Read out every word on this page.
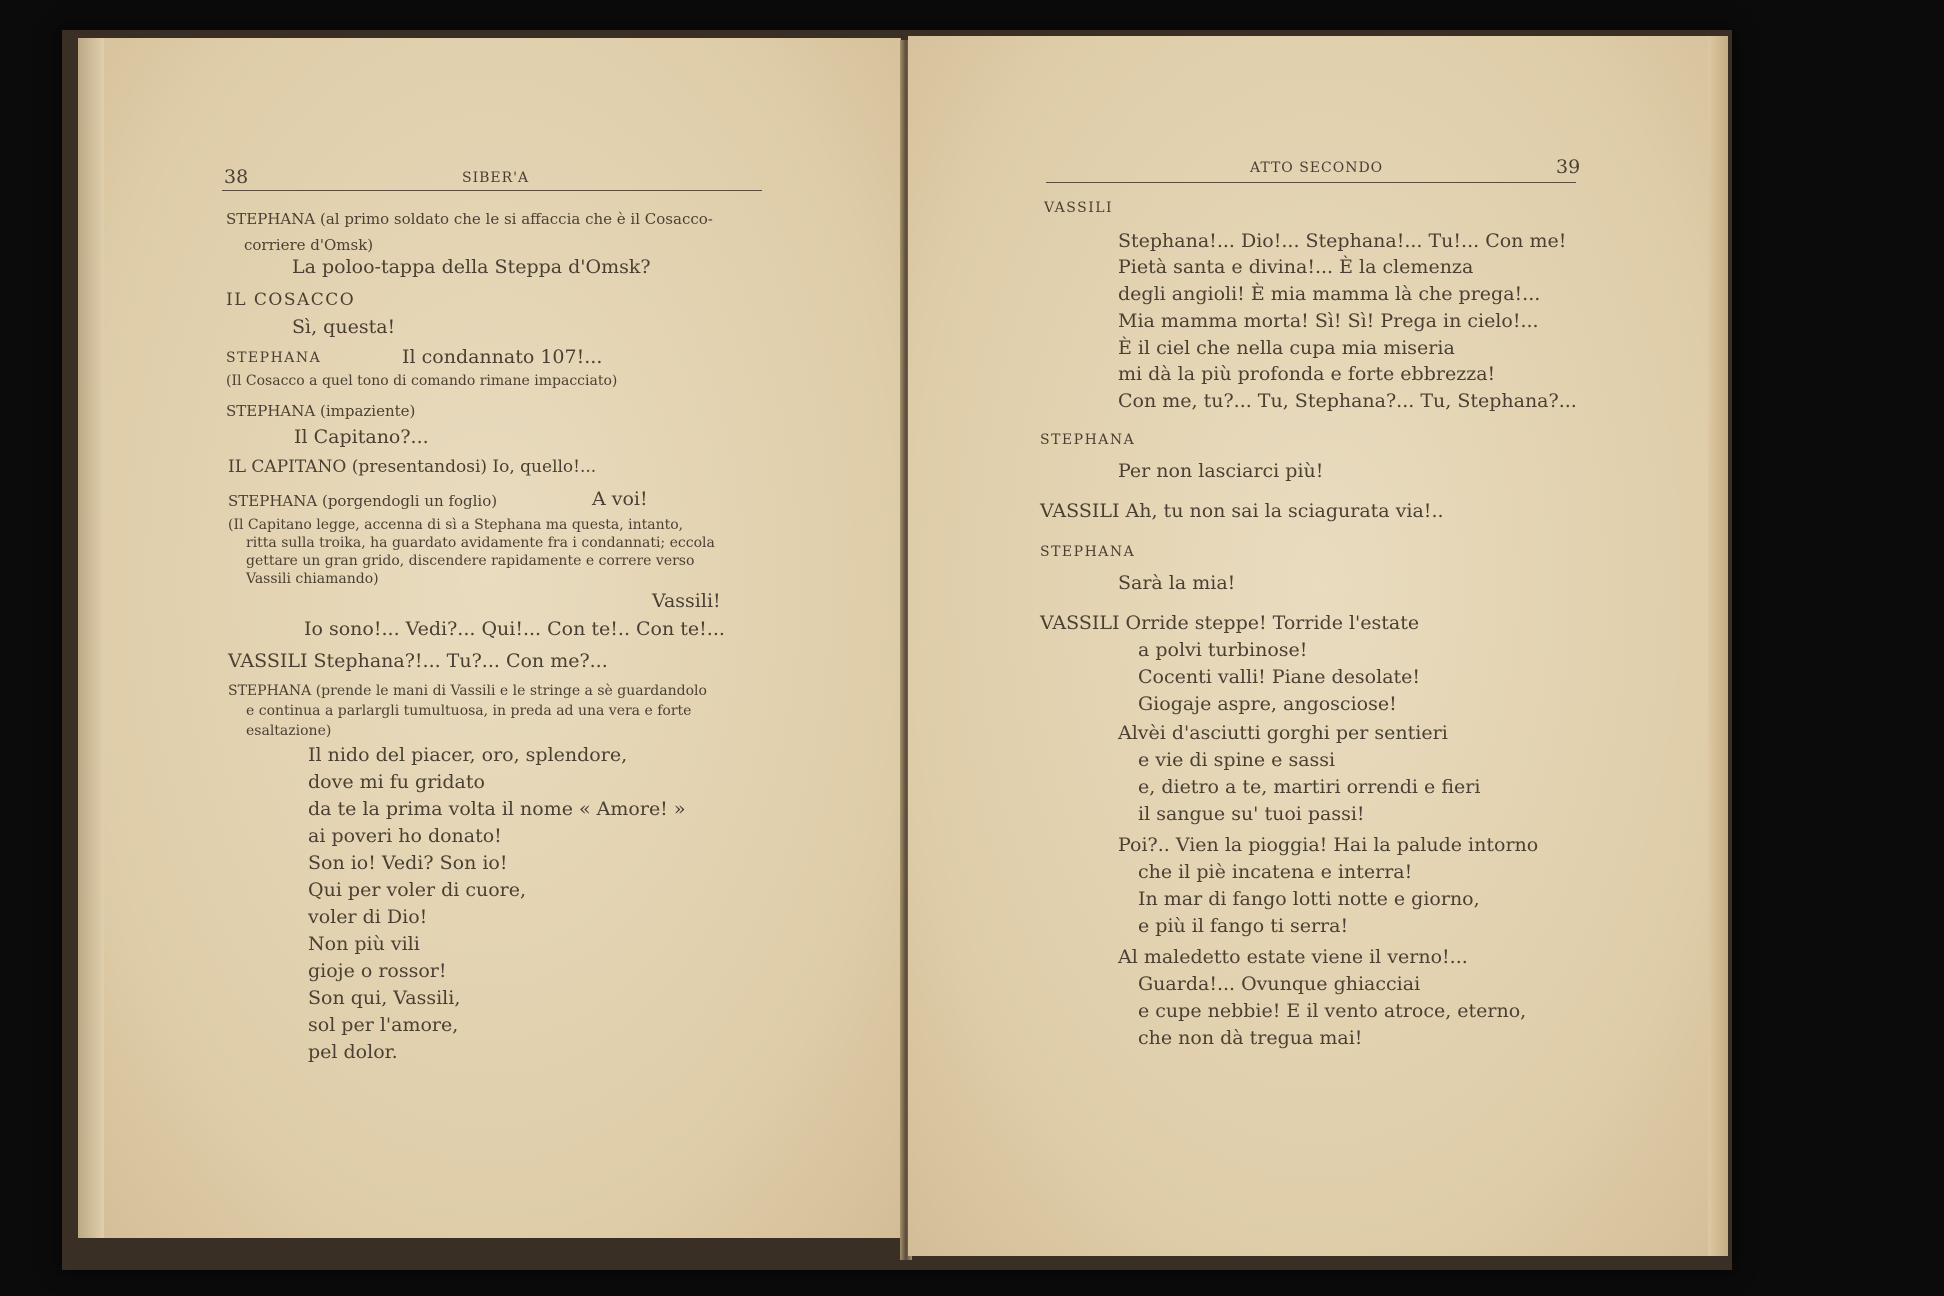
38	SIBER'A
STEPHANA (al primo soldato che le si affaccia che è il Cosacco-
corriere d'Omsk)
La poloo-tappa della Steppa d'Omsk?
IL COSACCO
Sì, questa!
STEPHANA	Il condannato 107!...
(Il Cosacco a quel tono di comando rimane impacciato)
STEPHANA (impaziente)
Il Capitano?...
IL CAPITANO (presentandosi) Io, quello!...
STEPHANA (porgendogli un foglio)	A voi!
(Il Capitano legge, accenna di sì a Stephana ma questa, intanto,
ritta sulla troika, ha guardato avidamente fra i condannati; eccola
gettare un gran grido, discendere rapidamente e correre verso
Vassili chiamando)
Vassili!
Io sono!... Vedi?... Qui!... Con te!.. Con te!...
VASSILI Stephana?!... Tu?... Con me?...
STEPHANA (prende le mani di Vassili e le stringe a sè guardandolo
e continua a parlargli tumultuosa, in preda ad una vera e forte
esaltazione)
Il nido del piacer, oro, splendore,
dove mi fu gridato
da te la prima volta il nome « Amore! »
ai poveri ho donato!
Son io! Vedi? Son io!
Qui per voler di cuore,
voler di Dio!
Non più vili
gioje o rossor!
Son qui, Vassili,
sol per l'amore,
pel dolor.
ATTO SECONDO	39
VASSILI
Stephana!... Dio!... Stephana!... Tu!... Con me!
Pietà santa e divina!... È la clemenza
degli angioli! È mia mamma là che prega!...
Mia mamma morta! Sì! Sì! Prega in cielo!...
È il ciel che nella cupa mia miseria
mi dà la più profonda e forte ebbrezza!
Con me, tu?... Tu, Stephana?... Tu, Stephana?...
STEPHANA
Per non lasciarci più!
VASSILI Ah, tu non sai la sciagurata via!..
STEPHANA
Sarà la mia!
VASSILI Orride steppe! Torride l'estate
a polvi turbinose!
Cocenti valli! Piane desolate!
Giogaje aspre, angosciose!
Alvèi d'asciutti gorghi per sentieri
e vie di spine e sassi
e, dietro a te, martiri orrendi e fieri
il sangue su' tuoi passi!
Poi?.. Vien la pioggia! Hai la palude intorno
che il piè incatena e interra!
In mar di fango lotti notte e giorno,
e più il fango ti serra!
Al maledetto estate viene il verno!...
Guarda!... Ovunque ghiacciai
e cupe nebbie! E il vento atroce, eterno,
che non dà tregua mai!
